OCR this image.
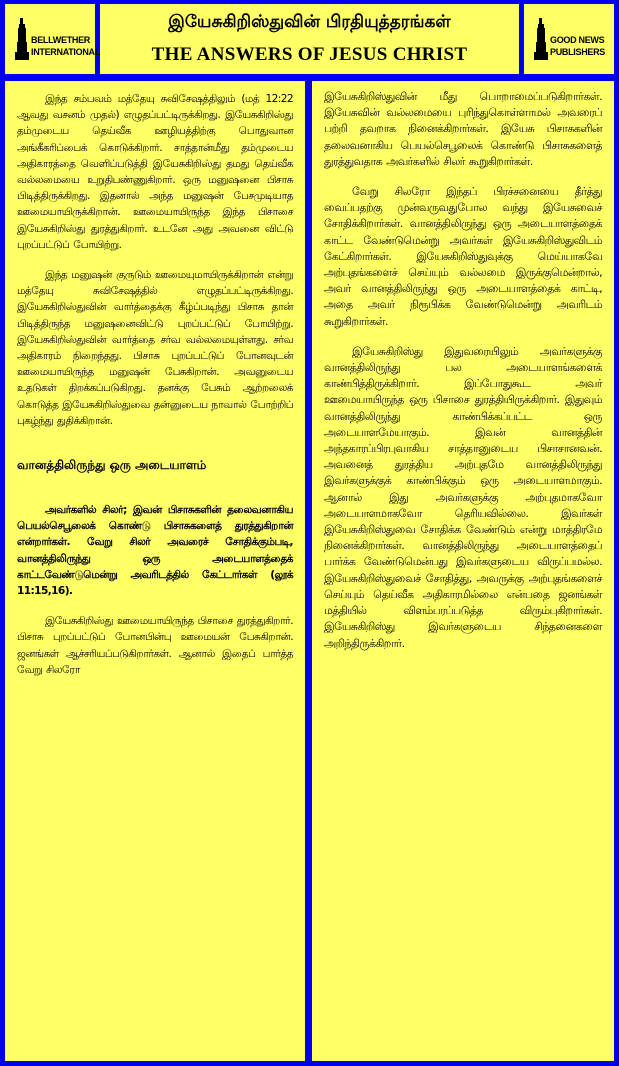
BELLWETHER
INTERNATIONAL
இயேசுகிறிஸ்துவின் பிரதியுத்தரங்கள்
THE ANSWERS OF JESUS CHRIST
GOOD NEWS
PUBLISHERS

இந்த சம்பவம் மத்தேயு சுவிசேஷத்திலும் (மத் 12:22 ஆவது வசனம் முதல்) எழுதப்பட்டிருக்கிறது. இயேசுகிறிஸ்து தம்முடைய தெய்வீக ஊழியத்திற்கு பொதுவான அங்கீகரிப்பைக் கொடுக்கிறார். சாத்தான்மீது தம்முடைய அதிகாரத்தை வெளிப்படுத்தி இயேசுகிறிஸ்து தமது தெய்வீக வல்லமையை உறுதிபண்ணுகிறார். ஒரு மனுஷனை பிசாசு பிடித்திருக்கிறது. இதனால் அந்த மனுஷன் பேசமுடியாத ஊமையாயிருக்கிறான். ஊமையாயிருந்த இந்த பிசாசை இயேசுகிறிஸ்து துரத்துகிறார். உடனே அது அவனை விட்டு புறப்பட்டுப் போயிற்று.

இந்த மனுஷன் குருடும் ஊமையுமாயிருக்கிறான் என்று மத்தேயு சுவிசேஷத்தில் எழுதப்பட்டிருக்கிறது. இயேசுகிறிஸ்துவின் வார்த்தைக்கு கீழ்ப்படிந்து பிசாசு தான் பிடித்திருந்த மனுஷனைவிட்டு புறப்பட்டுப் போயிற்று. இயேசுகிறிஸ்துவின் வார்த்தை சர்வ வல்லமையுள்ளது. சர்வ அதிகாரம் நிறைந்தது. பிசாசு புறப்பட்டுப் போனவுடன் ஊமையாயிருந்த மனுஷன் பேசுகிறான். அவனுடைய உதடுகள் திறக்கப்படுகிறது. தனக்கு பேசும் ஆற்றலைக் கொடுத்த இயேசுகிறிஸ்துவை தன்னுடைய நாவால் போற்றிப் புகழ்ந்து துதிக்கிறான்.

வானத்திலிருந்து ஒரு அடையாளம்

அவர்களில் சிலர்; இவன் பிசாசுகளின் தலைவனாகிய பெயல்செபூலைக் கொண்டு பிசாசுகளைத் துரத்துகிறான் என்றார்கள். வேறு சிலர் அவரைச் சோதிக்கும்படி, வானத்திலிருந்து ஒரு அடையாளத்தைக் காட்டவேண்டுமென்று அவரிடத்தில் கேட்டார்கள் (லூக் 11:15,16).

இயேசுகிறிஸ்து ஊமையாயிருந்த பிசாசை துரத்துகிறார். பிசாசு புறப்பட்டுப் போனபின்பு ஊமையன் பேசுகிறான். ஜனங்கள் ஆச்சரியப்படுகிறார்கள். ஆனால் இதைப் பார்த்த வேறு சிலரோ

இயேசுகிறிஸ்துவின் மீது பொறாமைப்படுகிறார்கள். இயேசுவின் வல்லமையை புரிந்துகொள்ளாமல் அவரைப் பற்றி தவறாக நினைக்கிறார்கள். இயேசு பிசாசுகளின் தலைவனாகிய பெயல்செபூலைக் கொண்டு பிசாசுகளைத் துரத்துவதாக அவர்களில் சிலர் கூறுகிறார்கள்.

வேறு சிலரோ இந்தப் பிரச்சனையை தீர்த்து வைப்பதற்கு முன்வருவதுபோல வந்து இயேசுவைச் சோதிக்கிறார்கள். வானத்திலிருந்து ஒரு அடையாளத்தைக் காட்ட வேண்டுமென்று அவர்கள் இயேசுகிறிஸ்துவிடம் கேட்கிறார்கள். இயேசுகிறிஸ்துவுக்கு மெய்யாகவே அற்புதங்களைச் செய்யும் வல்லமை இருக்குமென்றால், அவர் வானத்திலிருந்து ஒரு அடையாளத்தைக் காட்டி, அதை அவர் நிரூபிக்க வேண்டுமென்று அவரிடம் கூறுகிறார்கள்.

இயேசுகிறிஸ்து இதுவரையிலும் அவர்களுக்கு வானத்திலிருந்து பல அடையாளங்களைக் காண்பித்திருக்கிறார். இப்போதுகூட அவர் ஊமையாயிருந்த ஒரு பிசாசை துரத்தியிருக்கிறார். இதுவும் வானத்திலிருந்து காண்பிக்கப்பட்ட ஒரு அடையாளமேயாகும். இவன் வானத்தின் அந்தகாரப்பிரபுவாகிய சாத்தானுடைய பிசாசானவன். அவனைத் துரத்திய அற்புதமே வானத்திலிருந்து இவர்களுக்குக் காண்பிக்கும் ஒரு அடையாளமாகும். ஆனால் இது அவர்களுக்கு அற்புதமாகவோ அடையாளமாகவோ தெரியவில்லை. இவர்கள் இயேசுகிறிஸ்துவை சோதிக்க வேண்டும் என்று மாத்திரமே நினைக்கிறார்கள். வானத்திலிருந்து அடையாளத்தைப் பார்க்க வேண்டுமென்பது இவர்களுடைய விருப்பமல்ல. இயேசுகிறிஸ்துவைச் சோதித்து, அவருக்கு அற்புதங்களைச் செய்யும் தெய்வீக அதிகாரமில்லை என்பதை ஜனங்கள் மத்தியில் விளம்பரப்படுத்த விரும்புகிறார்கள். இயேசுகிறிஸ்து இவர்களுடைய சிந்தனைகளை அறிந்திருக்கிறார்.
